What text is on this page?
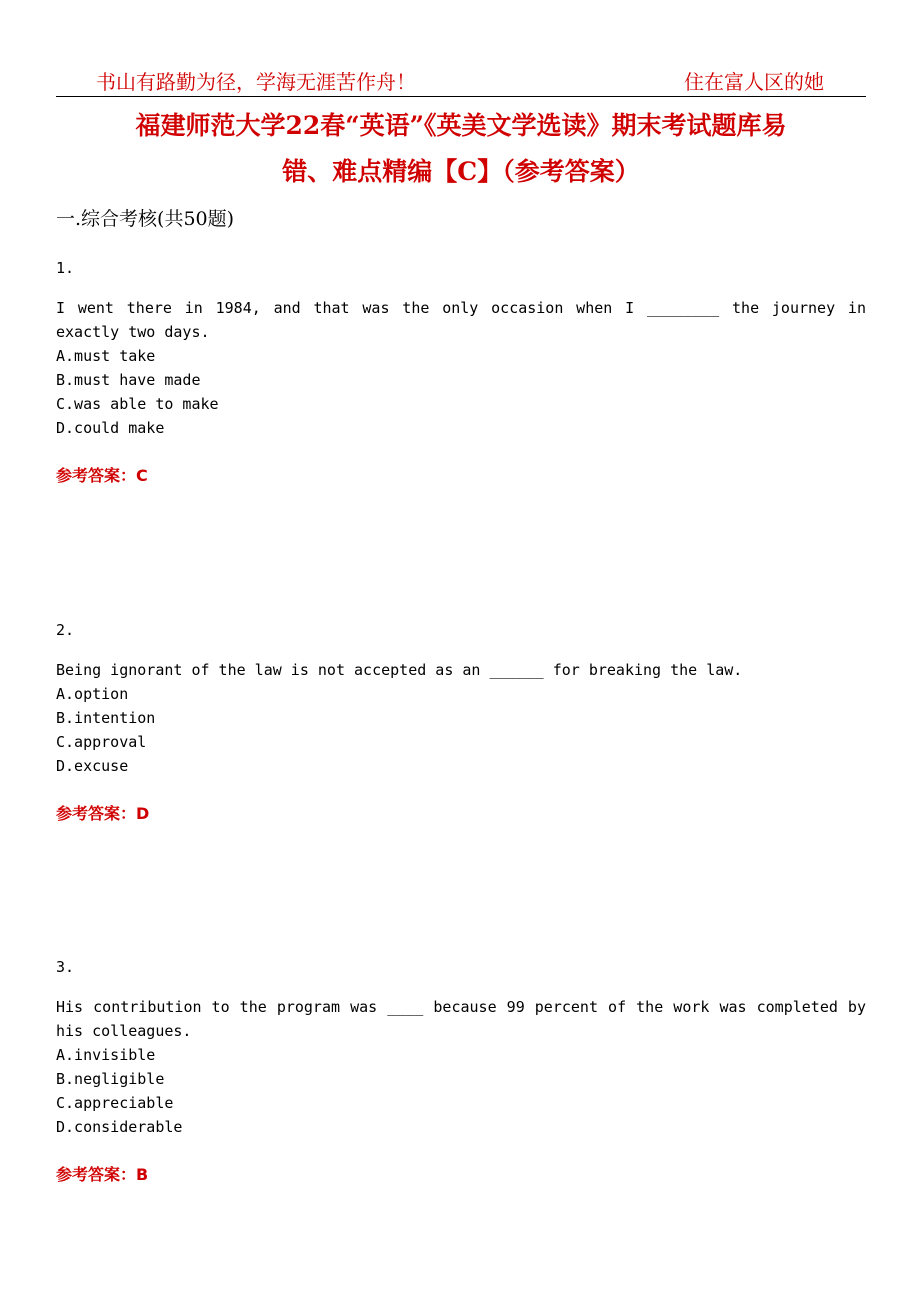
书山有路勤为径，学海无涯苦作舟！	住在富人区的她
福建师范大学22春“英语”《英美文学选读》期末考试题库易
错、难点精编【C】（参考答案）
一.综合考核(共50题)
1.
I went there in 1984, and that was the only occasion when I ________ the journey in exactly two days.
A.must take
B.must have made
C.was able to make
D.could make
参考答案：C
2.
Being ignorant of the law is not accepted as an ______ for breaking the law.
A.option
B.intention
C.approval
D.excuse
参考答案：D
3.
His contribution to the program was ____ because 99 percent of the work was completed by his colleagues.
A.invisible
B.negligible
C.appreciable
D.considerable
参考答案：B
